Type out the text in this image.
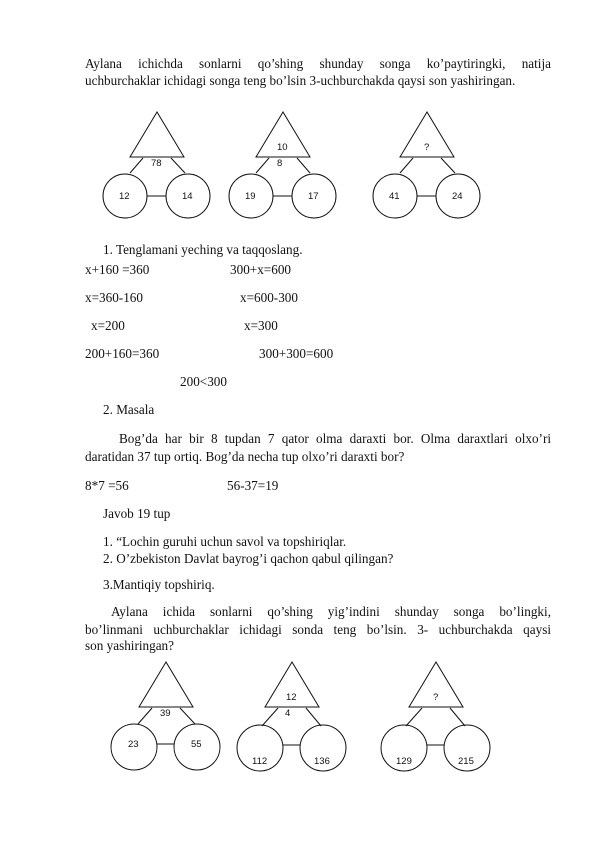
Aylana ichichda sonlarni qo’shing shunday songa ko’paytiringki, natija
uchburchaklar ichidagi songa teng bo’lsin 3-uchburchakda qaysi son yashiringan.
78
12	14
10
8
19	17
?
41	24
39
23	55
12
4
112	136
?
129	215
1. Tenglamani yeching va taqqoslang.
x+160 =360	300+x=600
x=360-160	x=600-300
x=200	x=300
200+160=360	300+300=600
200<300
2. Masala
Bog’da har bir 8 tupdan 7 qator olma daraxti bor. Olma daraxtlari olxo’ri
daratidan 37 tup ortiq. Bog’da necha tup olxo’ri daraxti bor?
8*7 =56	56-37=19
Javob 19 tup
1. “Lochin guruhi uchun savol va topshiriqlar.
2. O’zbekiston Davlat bayrog’i qachon qabul qilingan?
3.Mantiqiy topshiriq.
Aylana ichida sonlarni qo’shing yig’indini shunday songa bo’lingki,
bo’linmani uchburchaklar ichidagi sonda teng bo’lsin. 3- uchburchakda qaysi
son yashiringan?
